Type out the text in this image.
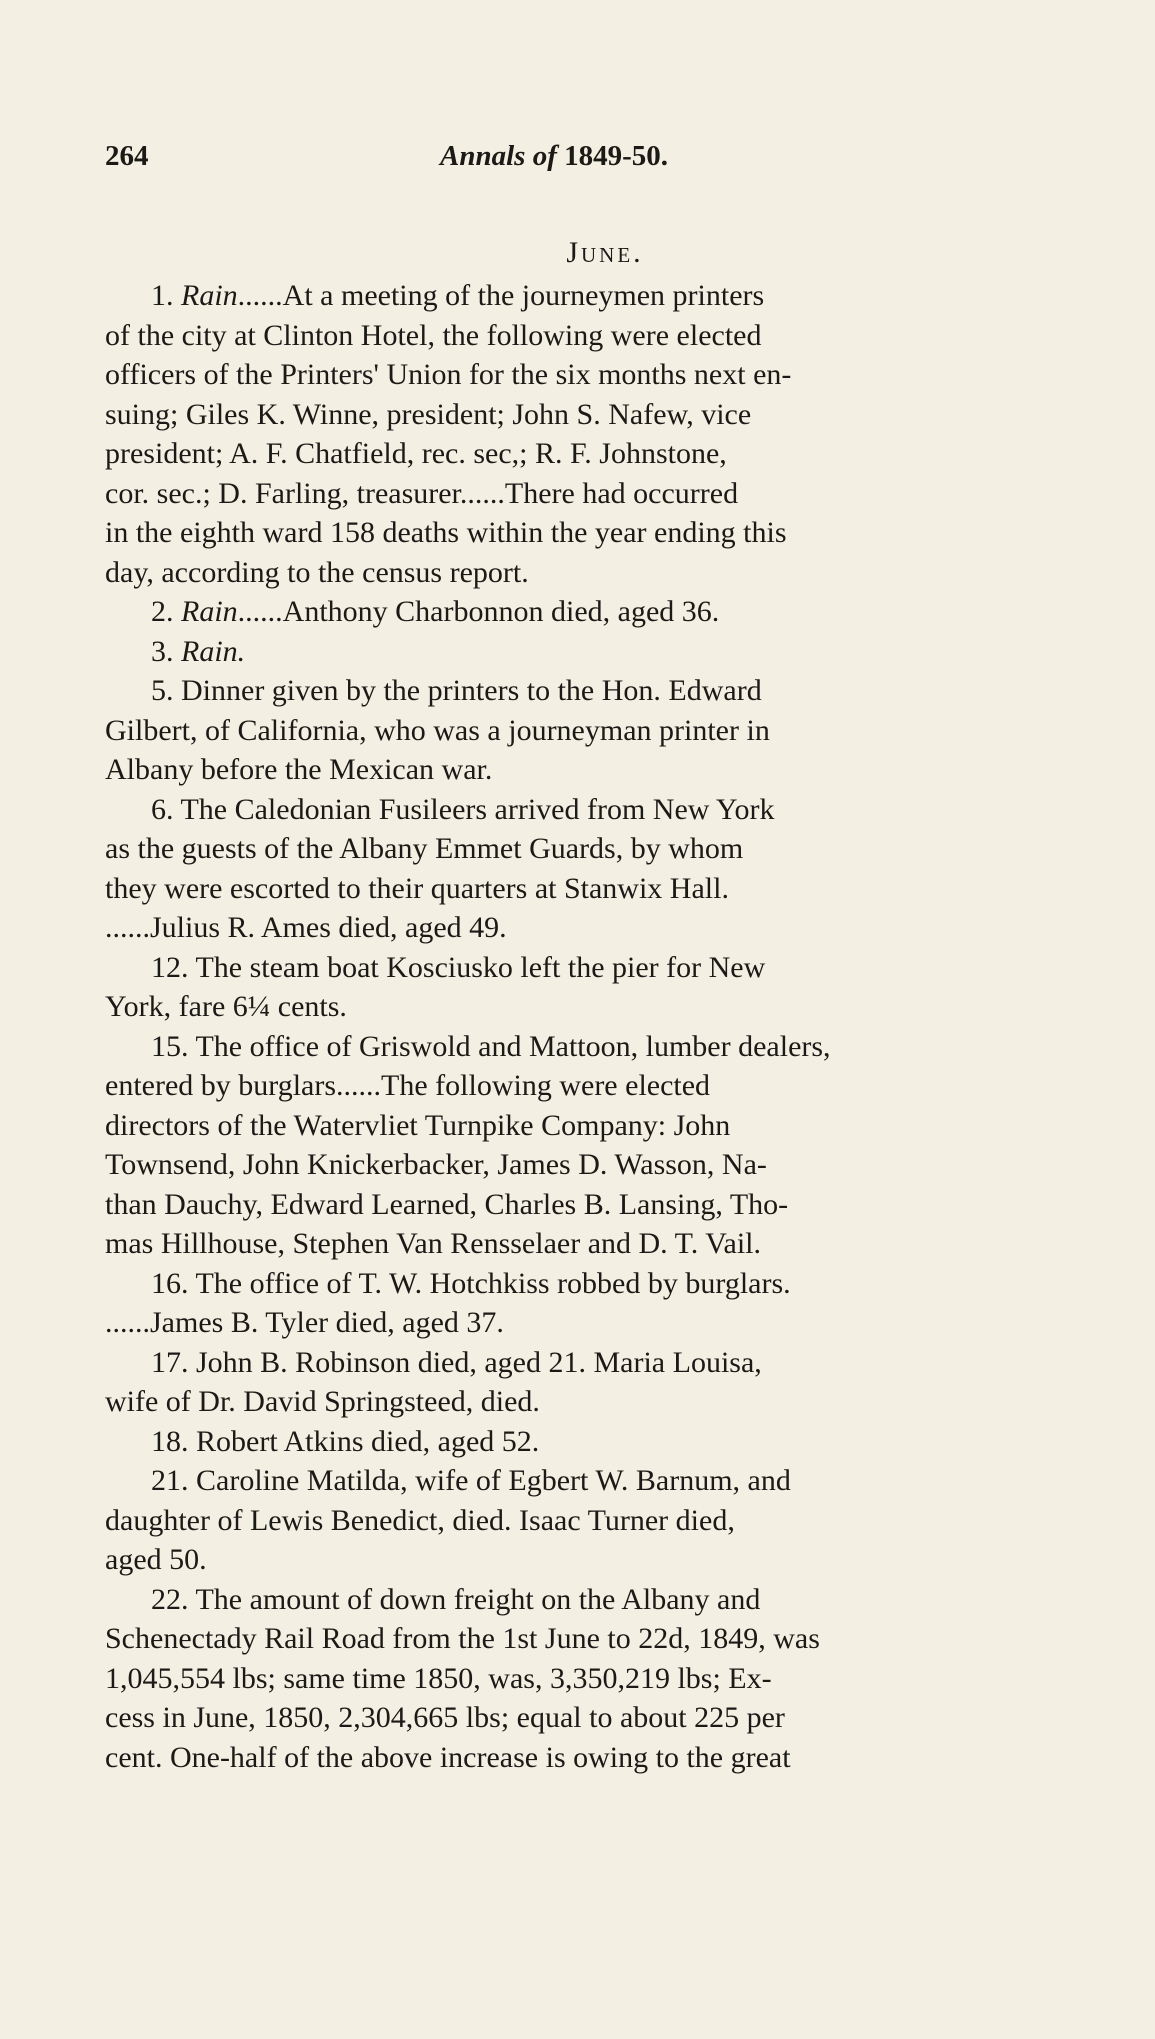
264	Annals of 1849-50.
June.
1. Rain......At a meeting of the journeymen printers
of the city at Clinton Hotel, the following were elected
officers of the Printers' Union for the six months next en-
suing; Giles K. Winne, president; John S. Nafew, vice
president; A. F. Chatfield, rec. sec,; R. F. Johnstone,
cor. sec.; D. Farling, treasurer......There had occurred
in the eighth ward 158 deaths within the year ending this
day, according to the census report.
2. Rain......Anthony Charbonnon died, aged 36.
3. Rain.
5. Dinner given by the printers to the Hon. Edward
Gilbert, of California, who was a journeyman printer in
Albany before the Mexican war.
6. The Caledonian Fusileers arrived from New York
as the guests of the Albany Emmet Guards, by whom
they were escorted to their quarters at Stanwix Hall.
......Julius R. Ames died, aged 49.
12. The steam boat Kosciusko left the pier for New
York, fare 6¼ cents.
15. The office of Griswold and Mattoon, lumber dealers,
entered by burglars......The following were elected
directors of the Watervliet Turnpike Company: John
Townsend, John Knickerbacker, James D. Wasson, Na-
than Dauchy, Edward Learned, Charles B. Lansing, Tho-
mas Hillhouse, Stephen Van Rensselaer and D. T. Vail.
16. The office of T. W. Hotchkiss robbed by burglars.
......James B. Tyler died, aged 37.
17. John B. Robinson died, aged 21. Maria Louisa,
wife of Dr. David Springsteed, died.
18. Robert Atkins died, aged 52.
21. Caroline Matilda, wife of Egbert W. Barnum, and
daughter of Lewis Benedict, died. Isaac Turner died,
aged 50.
22. The amount of down freight on the Albany and
Schenectady Rail Road from the 1st June to 22d, 1849, was
1,045,554 lbs; same time 1850, was, 3,350,219 lbs; Ex-
cess in June, 1850, 2,304,665 lbs; equal to about 225 per
cent. One-half of the above increase is owing to the great
